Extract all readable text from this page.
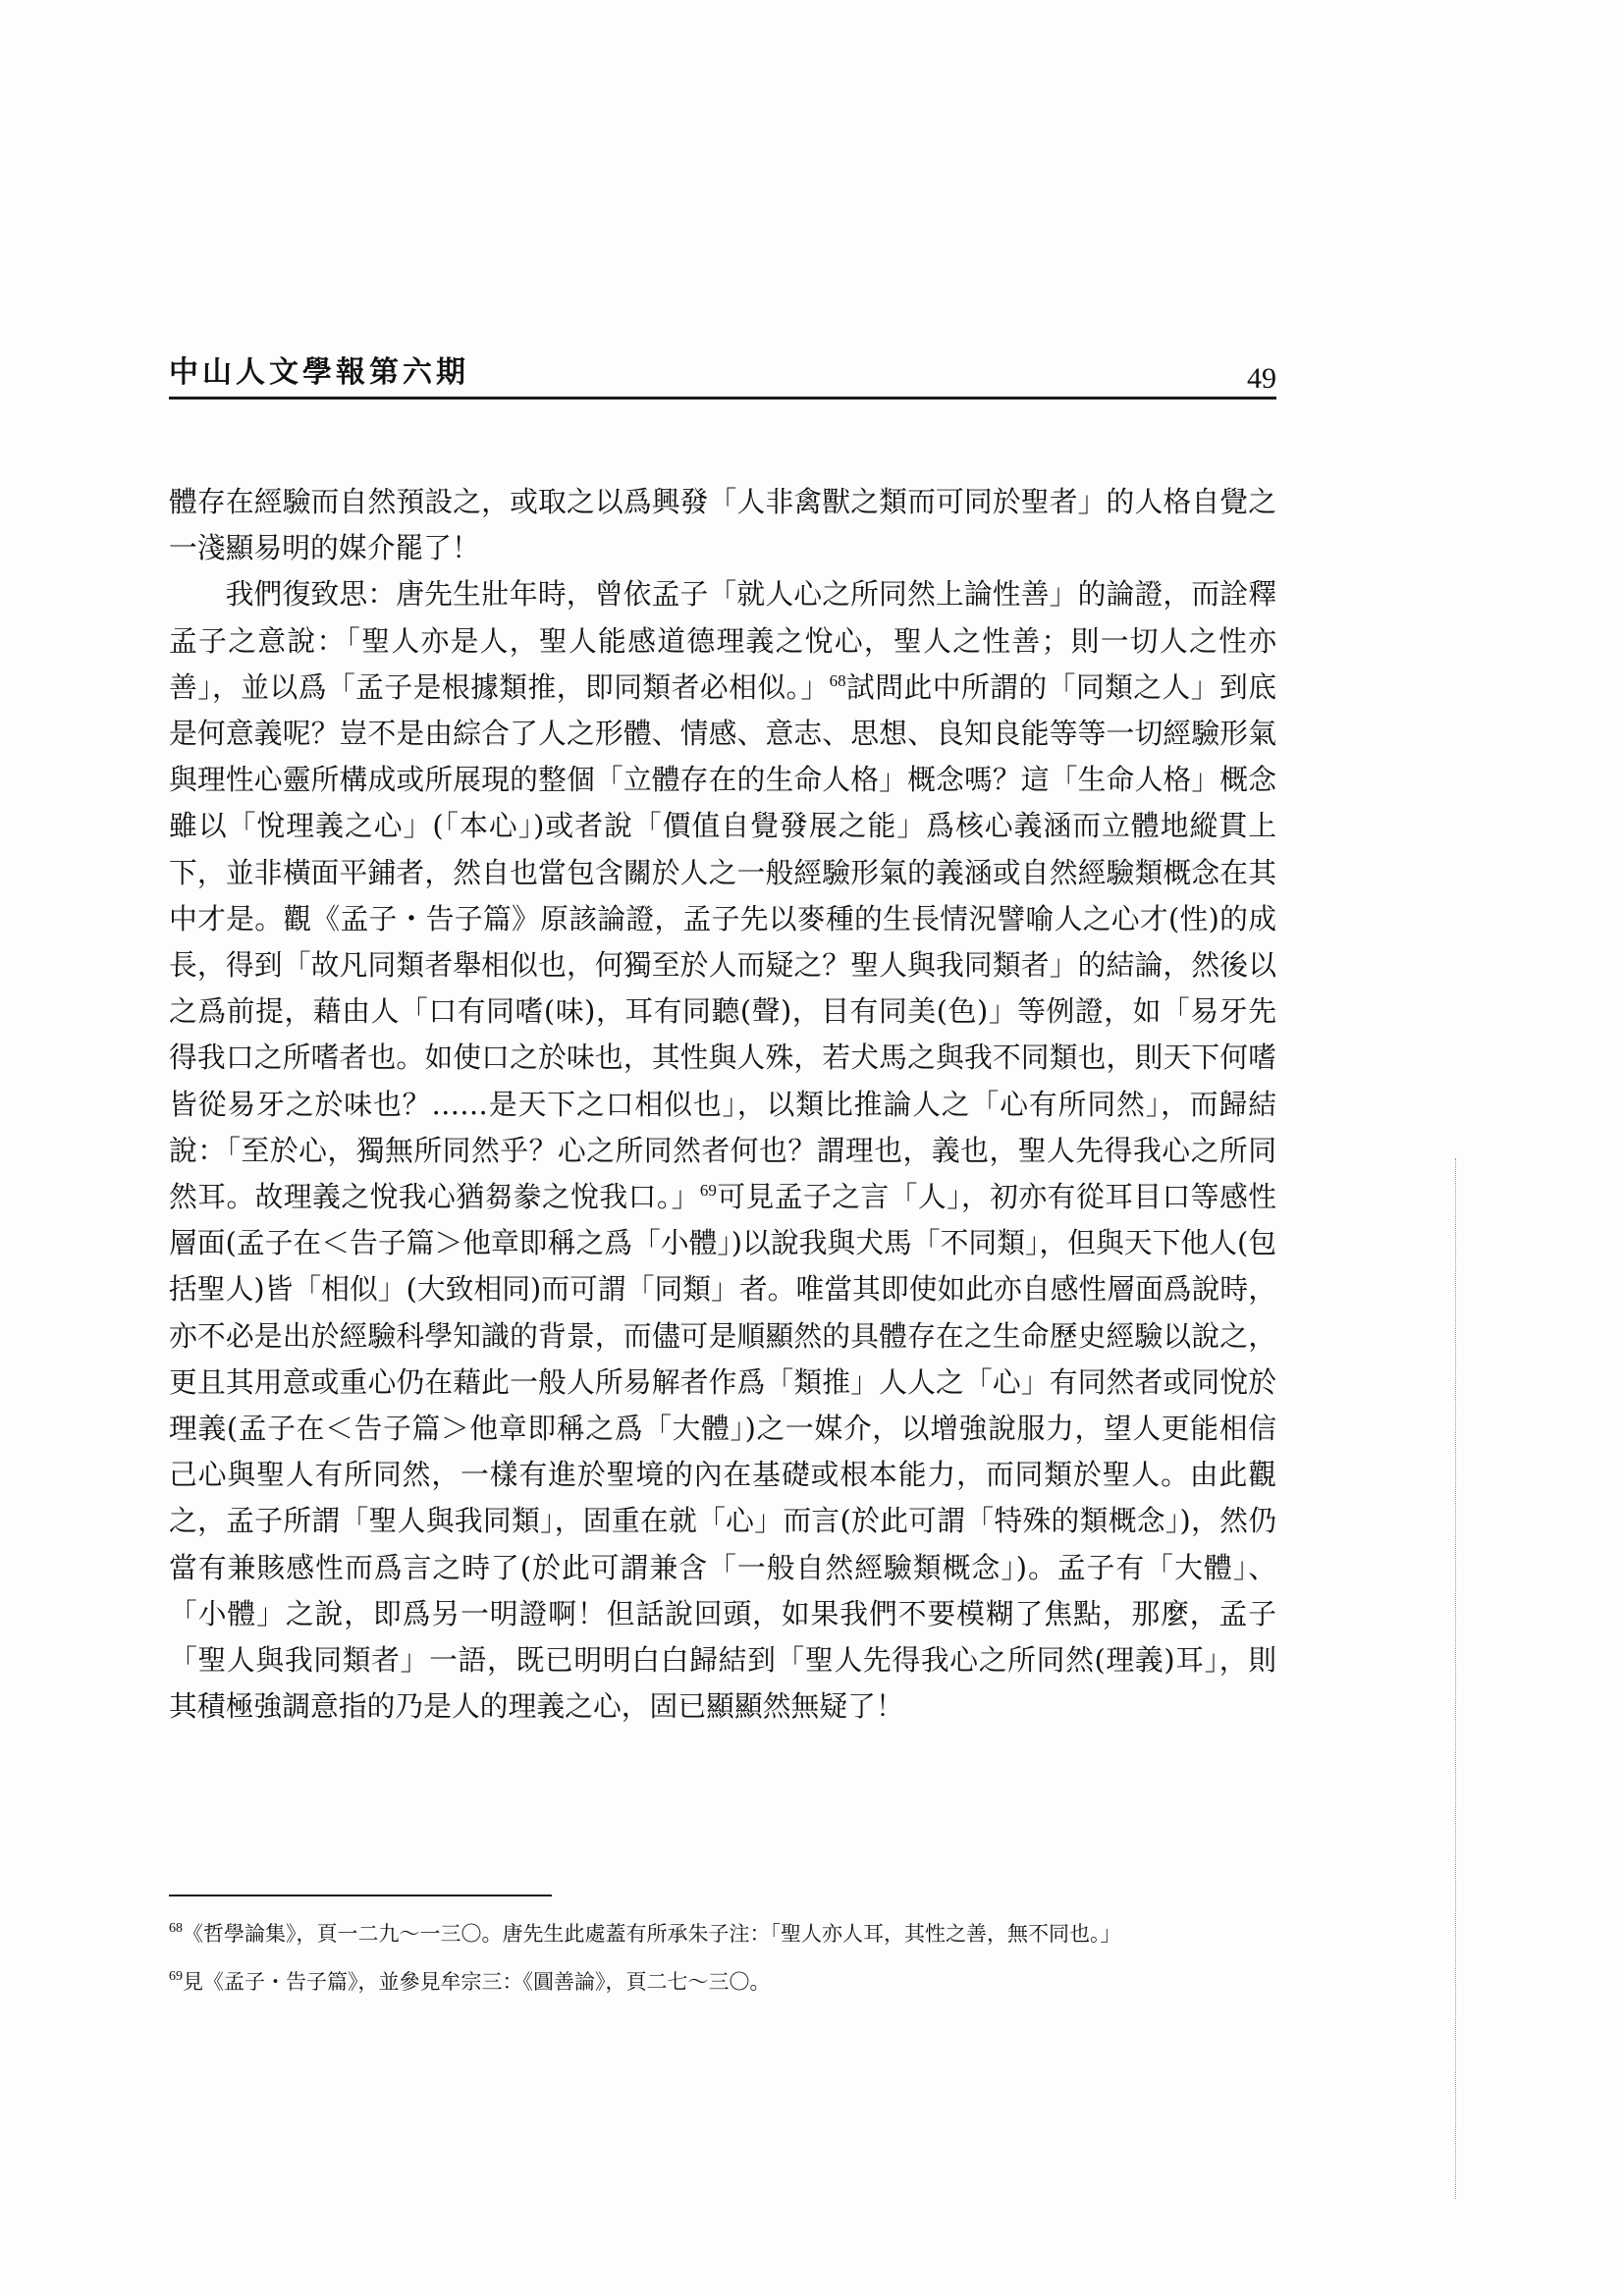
中山人文學報第六期	49

體存在經驗而自然預設之，或取之以爲興發「人非禽獸之類而可同於聖者」的人格自覺之一淺顯易明的媒介罷了！

我們復致思：唐先生壯年時，曾依孟子「就人心之所同然上論性善」的論證，而詮釋孟子之意說：「聖人亦是人，聖人能感道德理義之悅心，聖人之性善；則一切人之性亦善」，並以爲「孟子是根據類推，即同類者必相似。」$^{68}$試問此中所謂的「同類之人」到底是何意義呢？豈不是由綜合了人之形體、情感、意志、思想、良知良能等等一切經驗形氣與理性心靈所構成或所展現的整個「立體存在的生命人格」概念嗎？這「生命人格」概念雖以「悅理義之心」(「本心」)或者說「價值自覺發展之能」爲核心義涵而立體地縱貫上下，並非橫面平鋪者，然自也當包含關於人之一般經驗形氣的義涵或自然經驗類概念在其中才是。觀《孟子・告子篇》原該論證，孟子先以麥種的生長情況譬喻人之心才(性)的成長，得到「故凡同類者舉相似也，何獨至於人而疑之？聖人與我同類者」的結論，然後以之爲前提，藉由人「口有同嗜(味)，耳有同聽(聲)，目有同美(色)」等例證，如「易牙先得我口之所嗜者也。如使口之於味也，其性與人殊，若犬馬之與我不同類也，則天下何嗜皆從易牙之於味也？……是天下之口相似也」，以類比推論人之「心有所同然」，而歸結說：「至於心，獨無所同然乎？心之所同然者何也？謂理也，義也，聖人先得我心之所同然耳。故理義之悅我心猶芻豢之悅我口。」$^{69}$可見孟子之言「人」，初亦有從耳目口等感性層面(孟子在＜告子篇＞他章即稱之爲「小體」)以說我與犬馬「不同類」，但與天下他人(包括聖人)皆「相似」(大致相同)而可謂「同類」者。唯當其即使如此亦自感性層面爲說時，亦不必是出於經驗科學知識的背景，而儘可是順顯然的具體存在之生命歷史經驗以說之，更且其用意或重心仍在藉此一般人所易解者作爲「類推」人人之「心」有同然者或同悅於理義(孟子在＜告子篇＞他章即稱之爲「大體」)之一媒介，以增強說服力，望人更能相信己心與聖人有所同然，一樣有進於聖境的內在基礎或根本能力，而同類於聖人。由此觀之，孟子所謂「聖人與我同類」，固重在就「心」而言(於此可謂「特殊的類概念」)，然仍當有兼賅感性而爲言之時了(於此可謂兼含「一般自然經驗類概念」)。孟子有「大體」、「小體」之說，即爲另一明證啊！但話說回頭，如果我們不要模糊了焦點，那麼，孟子「聖人與我同類者」一語，既已明明白白歸結到「聖人先得我心之所同然(理義)耳」，則其積極強調意指的乃是人的理義之心，固已顯顯然無疑了！

$^{68}$《哲學論集》，頁一二九～一三〇。唐先生此處蓋有所承朱子注：「聖人亦人耳，其性之善，無不同也。」

$^{69}$見《孟子・告子篇》，並參見牟宗三：《圓善論》，頁二七～三〇。
